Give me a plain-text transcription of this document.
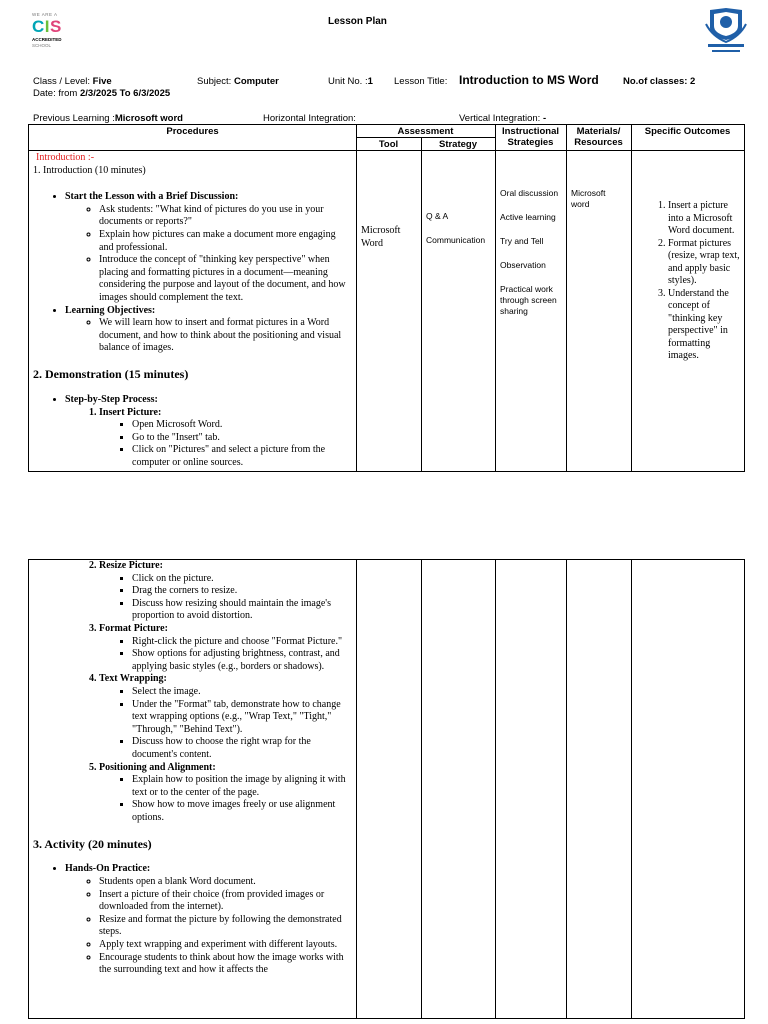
WE ARE A
CIS
ACCREDITED
SCHOOL
Lesson Plan
Class / Level: Five	Subject: Computer	Unit No. :1 Lesson Title: Introduction to MS Word	No.of classes: 2
Date: from 2/3/2025 To 6/3/2025
Previous Learning :Microsoft word	Horizontal Integration:	Vertical Integration: -
Procedures	Assessment
Tool	Strategy
Instructional
Strategies
Materials/
Resources
Specific Outcomes
Introduction :-
1. Introduction (10 minutes)
• Start the Lesson with a Brief Discussion:
◦ Ask students: "What kind of pictures do you use in your documents or reports?"
◦ Explain how pictures can make a document more engaging and professional.
◦ Introduce the concept of "thinking key perspective" when placing and formatting pictures in a document—meaning considering the purpose and layout of the document, and how images should complement the text.
• Learning Objectives:
◦ We will learn how to insert and format pictures in a Word document, and how to think about the positioning and visual balance of images.
2. Demonstration (15 minutes)
• Step-by-Step Process:
1. Insert Picture:
▪ Open Microsoft Word.
▪ Go to the "Insert" tab.
▪ Click on "Pictures" and select a picture from the computer or online sources.
Microsoft
Word
Q & A
Communication
Oral discussion
Active learning
Try and Tell
Observation
Practical work through screen sharing
Microsoft word
1.	Insert a picture into a Microsoft Word document.
2. Format pictures (resize, wrap text, and apply basic styles).
3. Understand the concept of "thinking key perspective" in formatting images.
2. Resize Picture:
▪ Click on the picture.
▪ Drag the corners to resize.
▪ Discuss how resizing should maintain the image's proportion to avoid distortion.
3. Format Picture:
▪ Right-click the picture and choose "Format Picture."
▪ Show options for adjusting brightness, contrast, and applying basic styles (e.g., borders or shadows).
4. Text Wrapping:
▪ Select the image.
▪ Under the "Format" tab, demonstrate how to change text wrapping options (e.g., "Wrap Text," "Tight," "Through," "Behind Text").
▪ Discuss how to choose the right wrap for the document's content.
5. Positioning and Alignment:
▪ Explain how to position the image by aligning it with text or to the center of the page.
▪ Show how to move images freely or use alignment options.
3. Activity (20 minutes)
• Hands-On Practice:
◦ Students open a blank Word document.
◦ Insert a picture of their choice (from provided images or downloaded from the internet).
◦ Resize and format the picture by following the demonstrated steps.
◦ Apply text wrapping and experiment with different layouts.
◦ Encourage students to think about how the image works with the surrounding text and how it affects the
